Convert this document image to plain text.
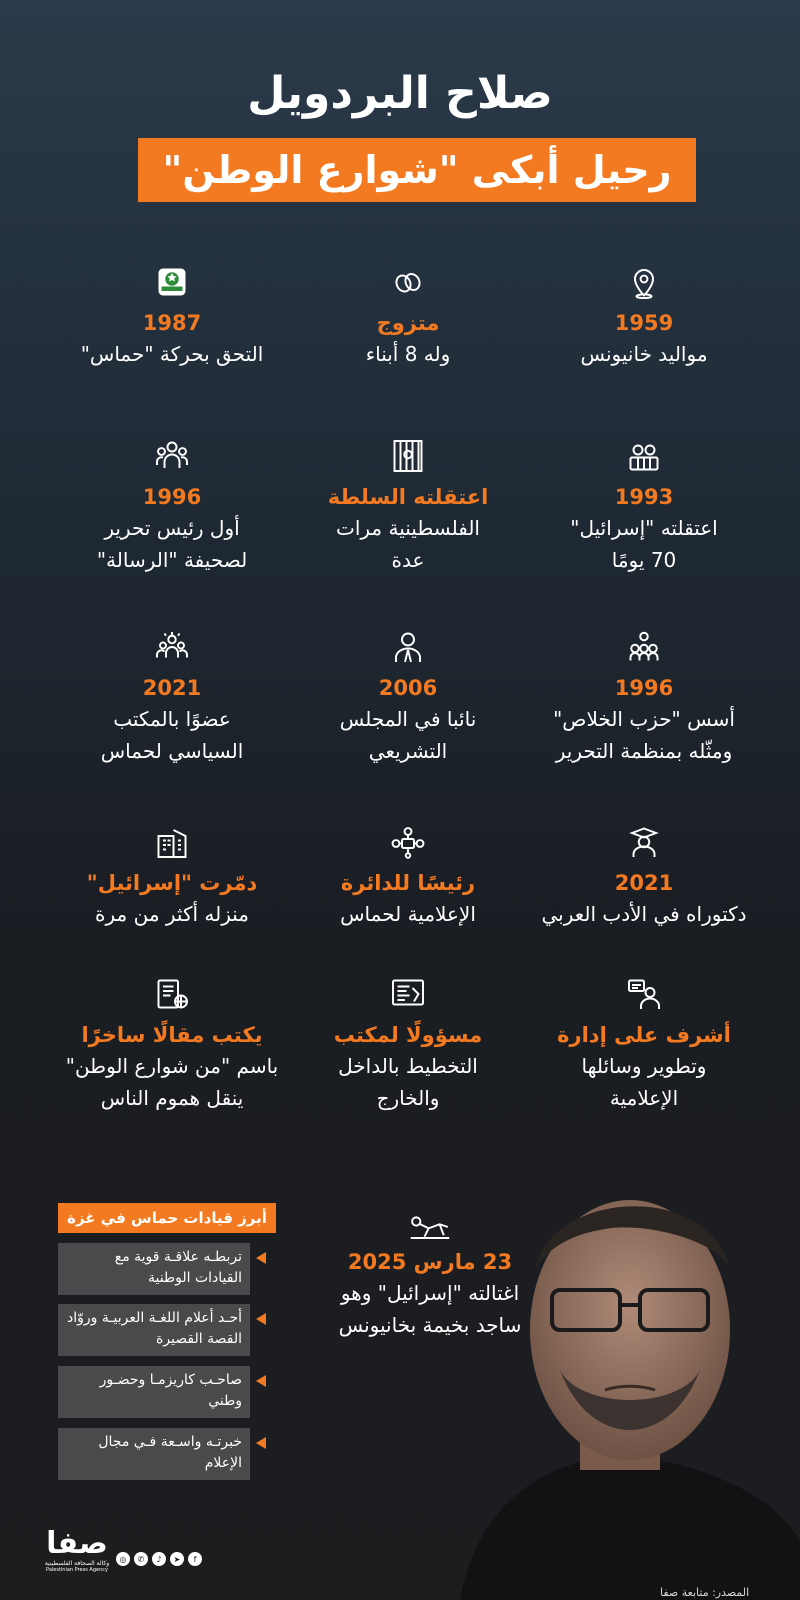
صلاح البردويل
رحيل أبكى "شوارع الوطن"
1959
مواليد خانيونس
متزوج
وله 8 أبناء
1987
التحق بحركة "حماس"
1993
اعتقلته "إسرائيل"
70 يومًا
اعتقلته السلطة
الفلسطينية مرات
عدة
1996
أول رئيس تحرير
لصحيفة "الرسالة"
1996
أسس "حزب الخلاص"
ومثّله بمنظمة التحرير
2006
نائبا في المجلس
التشريعي
2021
عضوًا بالمكتب
السياسي لحماس
2021
دكتوراه في الأدب العربي
رئيسًا للدائرة
الإعلامية لحماس
دمّرت "إسرائيل"
منزله أكثر من مرة
أشرف على إدارة
وتطوير وسائلها
الإعلامية
مسؤولًا لمكتب
التخطيط بالداخل
والخارج
يكتب مقالًا ساخرًا
باسم "من شوارع الوطن"
ينقل هموم الناس
23 مارس 2025
اغتالته "إسرائيل" وهو
ساجد بخيمة بخانيونس
أبرز قيادات حماس في غزة
تربطـه علاقـة قوية مع القيادات الوطنية
أحـد أعلام اللغـة العربيـة وروّاد القصة القصيرة
صاحـب كاريزمـا وحضـور وطني
خبرتـه واسـعة فـي مجال الإعلام
صفا
وكالة الصحافة الفلسطينية
Palestinian Press Agency
◎	✆	♪	➤	f
المصدر: متابعة صفا
